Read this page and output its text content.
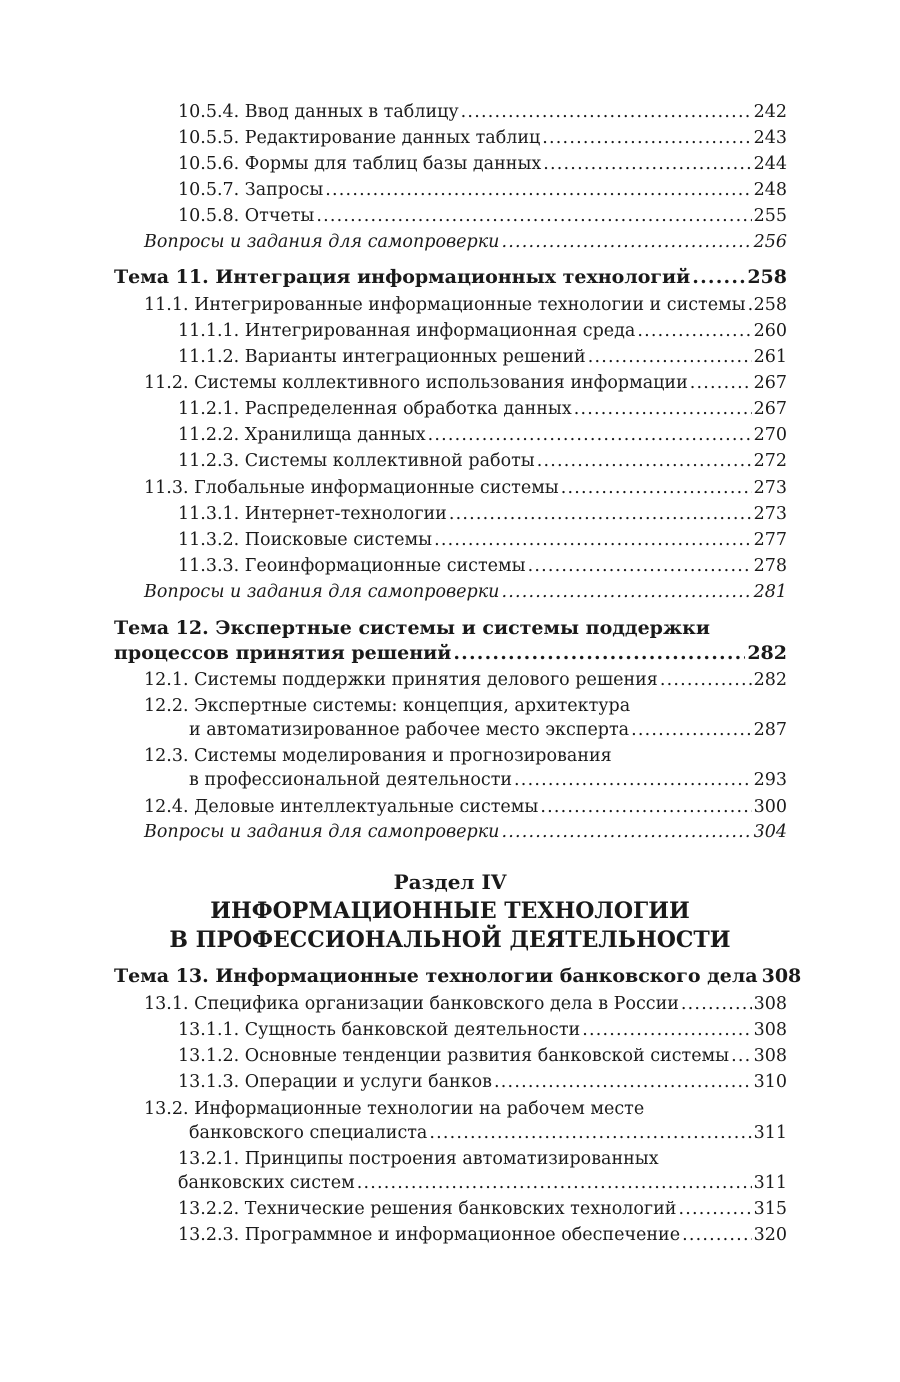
10.5.4. Ввод данных в таблицу .....	242
10.5.5. Редактирование данных таблиц .....	243
10.5.6. Формы для таблиц базы данных .....	244
10.5.7. Запросы .....	248
10.5.8. Отчеты .....	255
Вопросы и задания для самопроверки .....	256
Тема 11. Интеграция информационных технологий .....	258
11.1. Интегрированные информационные технологии и системы ..... 258
11.1.1. Интегрированная информационная среда .....	260
11.1.2. Варианты интеграционных решений .....	261
11.2. Системы коллективного использования информации .....	267
11.2.1. Распределенная обработка данных .....	267
11.2.2. Хранилища данных .....	270
11.2.3. Системы коллективной работы .....	272
11.3. Глобальные информационные системы .....	273
11.3.1. Интернет-технологии .....	273
11.3.2. Поисковые системы .....	277
11.3.3. Геоинформационные системы .....	278
Вопросы и задания для самопроверки .....	281
Тема 12. Экспертные системы и системы поддержки
процессов принятия решений .....	282
12.1. Системы поддержки принятия делового решения .....	282
12.2. Экспертные системы: концепция, архитектура
и автоматизированное рабочее место эксперта .....	287
12.3. Системы моделирования и прогнозирования
в профессиональной деятельности .....	293
12.4. Деловые интеллектуальные системы .....	300
Вопросы и задания для самопроверки .....	304
Раздел IV
ИНФОРМАЦИОННЫЕ ТЕХНОЛОГИИ
В ПРОФЕССИОНАЛЬНОЙ ДЕЯТЕЛЬНОСТИ
Тема 13. Информационные технологии банковского дела 308
13.1. Специфика организации банковского дела в России .....	308
13.1.1. Сущность банковской деятельности .....	308
13.1.2. Основные тенденции развития банковской системы ..... 308
13.1.3. Операции и услуги банков .....	310
13.2. Информационные технологии на рабочем месте
банковского специалиста .....	311
13.2.1. Принципы построения автоматизированных
банковских систем .....	311
13.2.2. Технические решения банковских технологий .....	315
13.2.3. Программное и информационное обеспечение .....	320
